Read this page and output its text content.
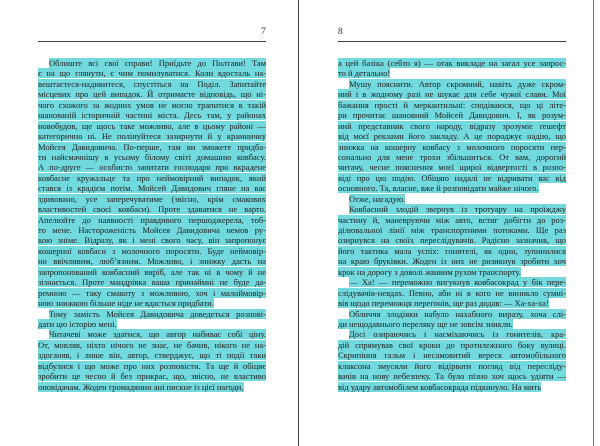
7
Облиште всі свої справи! Приїдьте до Полтави! Там
є на що глянути, є чим помилуватися. Коли вдосталь на-
вештаєтеся-надивитеся, спустіться на Поділ. Запитайте
місцевих про цей випадок. Й отримаєте відповідь, що ні-
чого схожого за жодних умов не могло трапитися в такій
шанованій історичній частині міста. Десь там, у районах
новобудов, ще щось таке можливо, але в цьому районі —
категорично ні. Не полінуйтеся зазирнути й у крамничку
Мойсея Давидовича. По-перше, там ви зможете придба-
ти найсмачнішу в усьому білому світі домашню ковбасу.
А по-друге — особисто запитати господаря про вкрадене
ковбасне кружальце та про неймовірний випадок, який
стався із крадієм потім. Мойсей Давидович гляне на вас
здивовано, усе заперечуватиме (звісно, крім смакових
властивостей своєї ковбаси). Проте здаватися не варто.
Апелюйте до наявності правдивого першоджерела, тоб-
то мене. Настороженість Мойсея Давидовича немов ру-
кою зніме. Відразу, як і мені свого часу, він запропонує
кошерної ковбаси з молочного поросяти. Буде неймовір-
но ввічливим, люб’язним. Можливо, і знижку дасть на
запропонований ковбасний виріб, але так ні в чому й не
зізнається. Проте мандрівка ваша принаймні не буде да-
ремною — таку смакоту з можливою, хоч і малоймовір-
ною знижкою більше ніде не вдасться придбати.
Тому замість Мойсея Давидовича доведеться розпові-
дати цю історію мені.
Читачеві може здатися, що автор набиває собі ціну.
От, мовляв, ніхто нічого не знає, не бачив, нікого не на-
здоганяв, і лише він, автор, стверджує, що ті події таки
відбулися і що може про них розповісти. Та ще й обіцяє
зробити це чесно й без прикрас, що, звісно, не властиво
оповідачам. Жоден громадянин ані пискне із цієї нагоди,
8
а цей базіка (себто я) — отак викладе на загал усе запрос-
то й детально!
Мушу пояснити. Автор скромний, навіть дуже скром-
ний і в жодному разі не шукає для себе чужої слави. Мої
бажання прості й меркантильні: сподіваюся, що ці літе-
ри прочитає шановний Мойсей Давидович. І, як розум-
ний представник свого народу, відразу зрозуміє ґешефт
від моєї реклами його закладу. А це породжує надію, що
знижка на кошерну ковбасу з молочного поросяти пер-
сонально для мене трохи збільшиться. От вам, дорогий
читачу, чесне пояснення моєї щирої відвертості в розпо-
віді про цю подію. Обіцяю надалі не відривати вас від
основного. Та, власне, вже й розповідати майже нічого.
Отже, нагадую.
Ковбасний злодій звернув із тротуару на проїжджу
частину й, маневруючи між авто, встиг добігти до роз-
ділювальної лінії між транспортними потоками. Ще раз
озирнувся на своїх переслідувачів. Радісно зазначив, що
його тактика мала успіх: гонителі, як один, зупинилися
на краю бруківки. Жоден із них не ризикнув зробити хоч
крок на дорогу з доволі жвавим рухом транспорту.
— Ха! — переможно вигукнув ковбасокрад у бік пере-
слідувачів-невдах. Певно, аби ні в кого не виникло сумні-
вів щодо переможця перегонів, ще раз додав: — Ха-ха-ха!
Обличчя злодіяки набуло нахабного виразу, хоча слі-
ди нещодавнього переляку ще не зовсім зникли.
Досі озираючись і насміхаючись із гонителів, кра-
дій спрямував свої кроки до протилежного боку вулиці.
Скрипіння гальм і несамовитий вереск автомобільного
клаксона змусили його відірвати погляд від пересліду-
вачів на нову небезпеку. Та було пізно хоч щось удіяти —
від удару автомобілем ковбасокрада підкинуло. На мить
